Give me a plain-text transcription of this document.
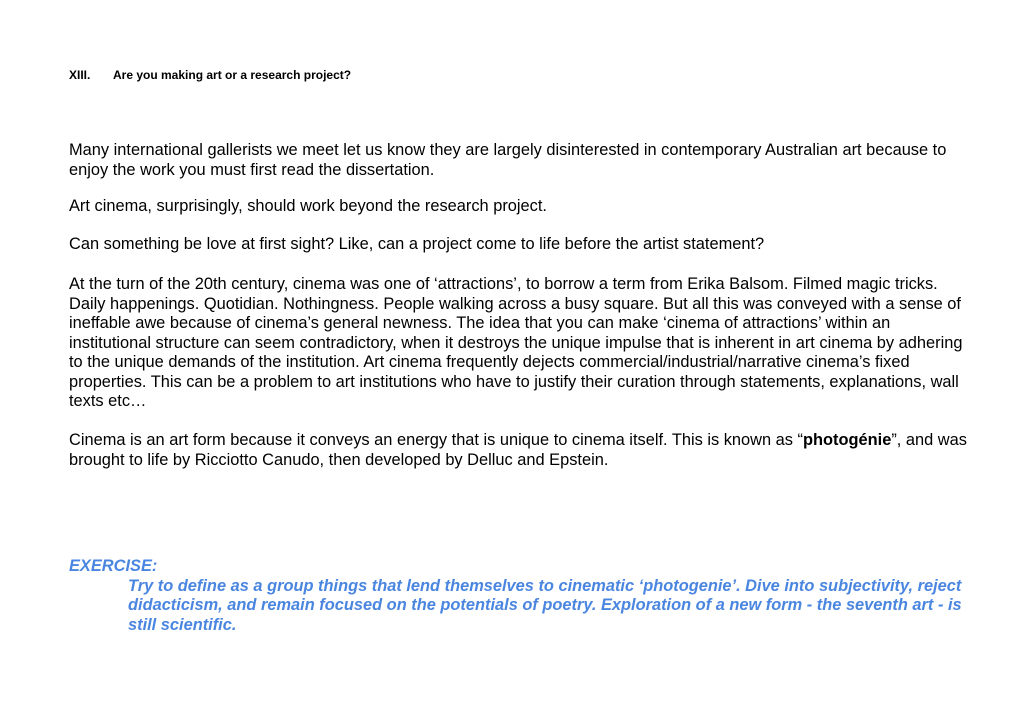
XIII. Are you making art or a research project?

Many international gallerists we meet let us know they are largely disinterested in contemporary Australian art because to enjoy the work you must first read the dissertation.

Art cinema, surprisingly, should work beyond the research project.

Can something be love at first sight? Like, can a project come to life before the artist statement?

At the turn of the 20th century, cinema was one of ‘attractions’, to borrow a term from Erika Balsom. Filmed magic tricks. Daily happenings. Quotidian. Nothingness. People walking across a busy square. But all this was conveyed with a sense of ineffable awe because of cinema’s general newness. The idea that you can make ‘cinema of attractions’ within an institutional structure can seem contradictory, when it destroys the unique impulse that is inherent in art cinema by adhering to the unique demands of the institution. Art cinema frequently dejects commercial/industrial/narrative cinema’s fixed properties. This can be a problem to art institutions who have to justify their curation through statements, explanations, wall texts etc…

Cinema is an art form because it conveys an energy that is unique to cinema itself. This is known as “photogénie”, and was brought to life by Ricciotto Canudo, then developed by Delluc and Epstein.

EXERCISE:

Try to define as a group things that lend themselves to cinematic ‘photogenie’. Dive into subjectivity, reject didacticism, and remain focused on the potentials of poetry. Exploration of a new form - the seventh art - is still scientific.
